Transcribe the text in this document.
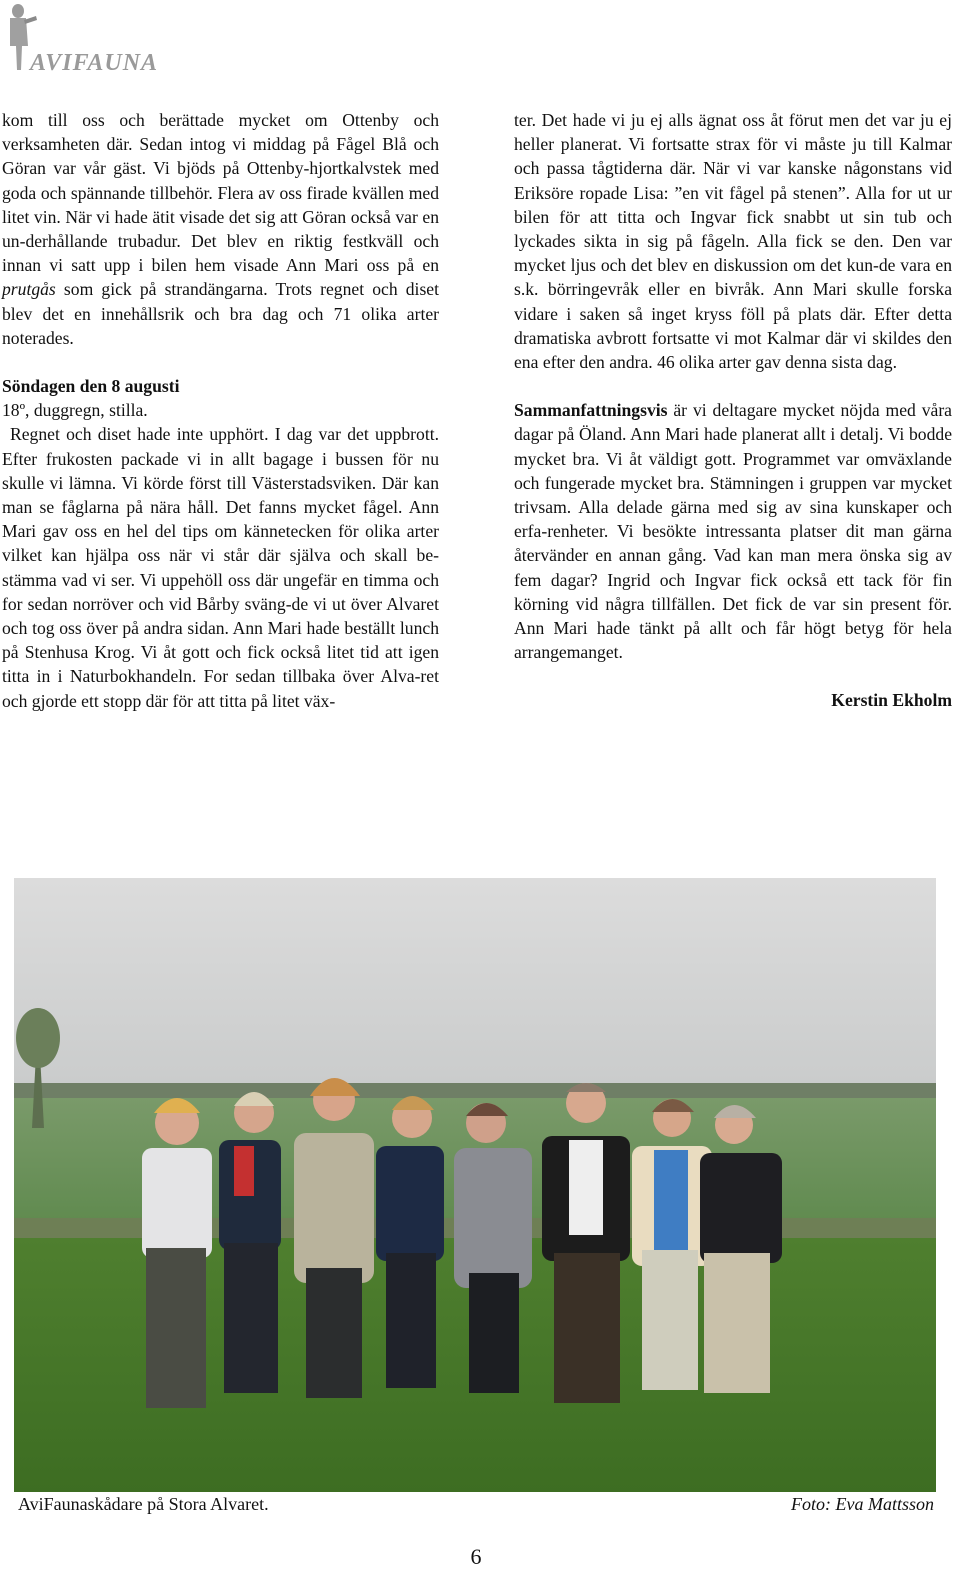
AVIFAUNA

kom till oss och berättade mycket om Ottenby och verksamheten där. Sedan intog vi middag på Fågel Blå och Göran var vår gäst. Vi bjöds på Ottenby-hjortkalvstek med goda och spännande tillbehör. Flera av oss firade kvällen med litet vin. När vi hade ätit visade det sig att Göran också var en un-derhållande trubadur. Det blev en riktig festkväll och innan vi satt upp i bilen hem visade Ann Mari oss på en prutgås som gick på strandängarna. Trots regnet och diset blev det en innehållsrik och bra dag och 71 olika arter noterades.

Söndagen den 8 augusti

18º, duggregn, stilla.

Regnet och diset hade inte upphört. I dag var det uppbrott. Efter frukosten packade vi in allt bagage i bussen för nu skulle vi lämna. Vi körde först till Västerstadsviken. Där kan man se fåglarna på nära håll. Det fanns mycket fågel. Ann Mari gav oss en hel del tips om kännetecken för olika arter vilket kan hjälpa oss när vi står där själva och skall be-stämma vad vi ser. Vi uppehöll oss där ungefär en timma och for sedan norröver och vid Bårby sväng-de vi ut över Alvaret och tog oss över på andra sidan. Ann Mari hade beställt lunch på Stenhusa Krog. Vi åt gott och fick också litet tid att igen titta in i Naturbokhandeln. For sedan tillbaka över Alva-ret och gjorde ett stopp där för att titta på litet väx-

ter. Det hade vi ju ej alls ägnat oss åt förut men det var ju ej heller planerat. Vi fortsatte strax för vi måste ju till Kalmar och passa tågtiderna där. När vi var kanske någonstans vid Eriksöre ropade Lisa: ”en vit fågel på stenen”. Alla for ut ur bilen för att titta och Ingvar fick snabbt ut sin tub och lyckades sikta in sig på fågeln. Alla fick se den. Den var mycket ljus och det blev en diskussion om det kun-de vara en s.k. börringevråk eller en bivråk. Ann Mari skulle forska vidare i saken så inget kryss föll på plats där. Efter detta dramatiska avbrott fortsatte vi mot Kalmar där vi skildes den ena efter den andra. 46 olika arter gav denna sista dag.

Sammanfattningsvis är vi deltagare mycket nöjda med våra dagar på Öland. Ann Mari hade planerat allt i detalj. Vi bodde mycket bra. Vi åt väldigt gott. Programmet var omväxlande och fungerade mycket bra. Stämningen i gruppen var mycket trivsam. Alla delade gärna med sig av sina kunskaper och erfa-renheter. Vi besökte intressanta platser dit man gärna återvänder en annan gång. Vad kan man mera önska sig av fem dagar? Ingrid och Ingvar fick också ett tack för fin körning vid några tillfällen. Det fick de var sin present för. Ann Mari hade tänkt på allt och får högt betyg för hela arrangemanget.

Kerstin Ekholm

AviFaunaskådare på Stora Alvaret.	Foto: Eva Mattsson
6
